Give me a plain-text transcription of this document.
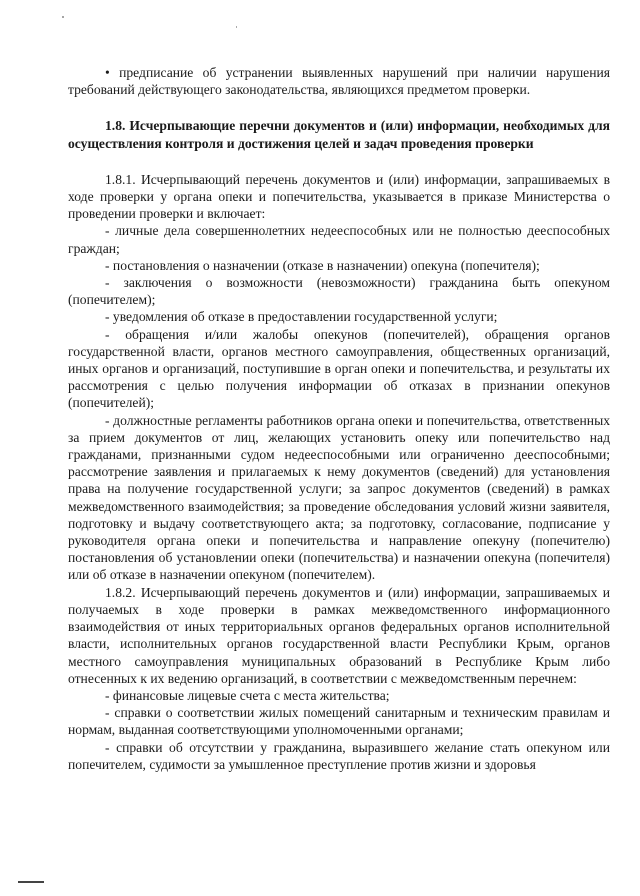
• предписание об устранении выявленных нарушений при наличии нарушения требований действующего законодательства, являющихся предметом проверки.

1.8. Исчерпывающие перечни документов и (или) информации, необходимых для осуществления контроля и достижения целей и задач проведения проверки

1.8.1. Исчерпывающий перечень документов и (или) информации, запрашиваемых в ходе проверки у органа опеки и попечительства, указывается в приказе Министерства о проведении проверки и включает:

- личные дела совершеннолетних недееспособных или не полностью дееспособных граждан;

- постановления о назначении (отказе в назначении) опекуна (попечителя);

- заключения о возможности (невозможности) гражданина быть опекуном (попечителем);

- уведомления об отказе в предоставлении государственной услуги;

- обращения и/или жалобы опекунов (попечителей), обращения органов государственной власти, органов местного самоуправления, общественных организаций, иных органов и организаций, поступившие в орган опеки и попечительства, и результаты их рассмотрения с целью получения информации об отказах в признании опекунов (попечителей);

- должностные регламенты работников органа опеки и попечительства, ответственных за прием документов от лиц, желающих установить опеку или попечительство над гражданами, признанными судом недееспособными или ограниченно дееспособными; рассмотрение заявления и прилагаемых к нему документов (сведений) для установления права на получение государственной услуги; за запрос документов (сведений) в рамках межведомственного взаимодействия; за проведение обследования условий жизни заявителя, подготовку и выдачу соответствующего акта; за подготовку, согласование, подписание у руководителя органа опеки и попечительства и направление опекуну (попечителю) постановления об установлении опеки (попечительства) и назначении опекуна (попечителя) или об отказе в назначении опекуном (попечителем).

1.8.2. Исчерпывающий перечень документов и (или) информации, запрашиваемых и получаемых в ходе проверки в рамках межведомственного информационного взаимодействия от иных территориальных органов федеральных органов исполнительной власти, исполнительных органов государственной власти Республики Крым, органов местного самоуправления муниципальных образований в Республике Крым либо отнесенных к их ведению организаций, в соответствии с межведомственным перечнем:

- финансовые лицевые счета с места жительства;

- справки о соответствии жилых помещений санитарным и техническим правилам и нормам, выданная соответствующими уполномоченными органами;

- справки об отсутствии у гражданина, выразившего желание стать опекуном или попечителем, судимости за умышленное преступление против жизни и здоровья
